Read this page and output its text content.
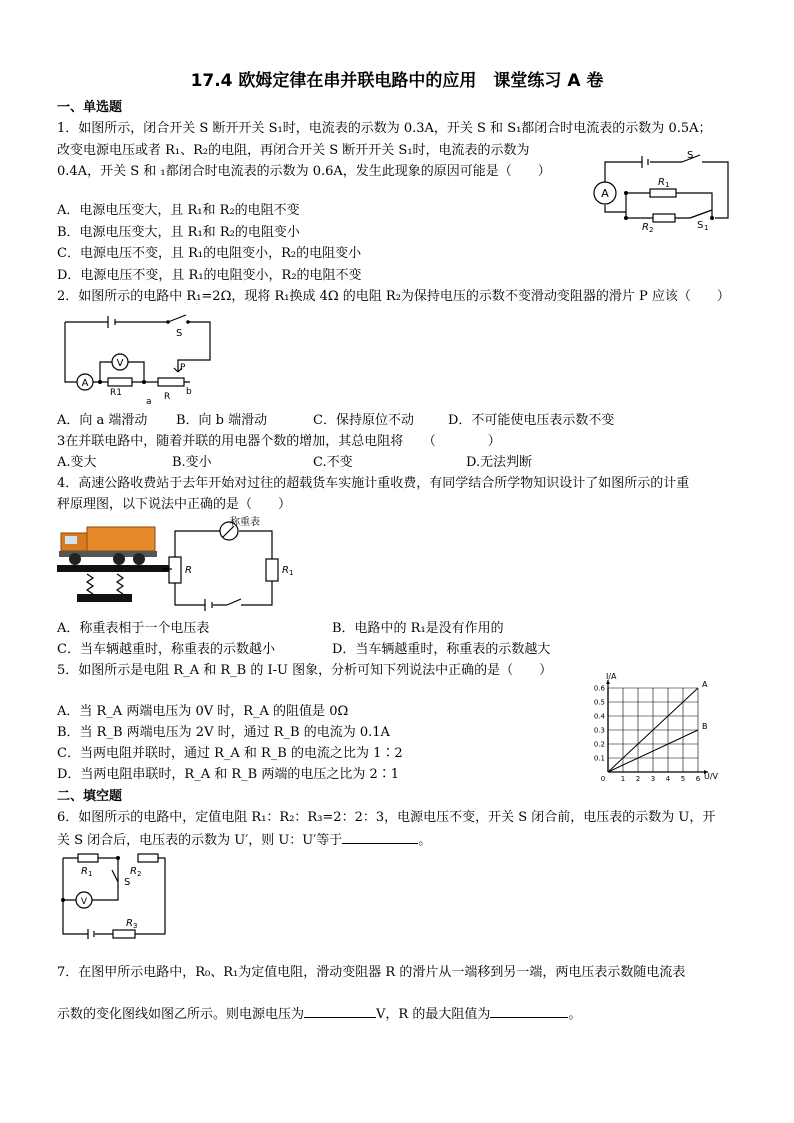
17.4 欧姆定律在串并联电路中的应用　课堂练习 A 卷
一、单选题
1．如图所示，闭合开关 S 断开开关 S₁时，电流表的示数为 0.3A，开关 S 和 S₁都闭合时电流表的示数为 0.5A；
改变电源电压或者 R₁、R₂的电阻，再闭合开关 S 断开开关 S₁时，电流表的示数为
0.4A，开关 S 和 ₁都闭合时电流表的示数为 0.6A，发生此现象的原因可能是（　　）
A．电源电压变大，且 R₁和 R₂的电阻不变
B．电源电压变大，且 R₁和 R₂的电阻变小
C．电源电压不变，且 R₁的电阻变小，R₂的电阻变小
D．电源电压不变，且 R₁的电阻变小，R₂的电阻不变
A
S
R 1
R 2	S 1
2．如图所示的电路中 R₁=2Ω，现将 R₁换成 4Ω 的电阻 R₂为保持电压的示数不变滑动变阻器的滑片 P 应该（　　）
A
V
R1
a R b
P
S
A．向 a 端滑动 B．向 b 端滑动	C．保持原位不动	D．不可能使电压表示数不变
3在并联电路中，随着并联的用电器个数的增加，其总电阻将　　（　　　　）
A.变大	B.变小	C.不变	D.无法判断
4．高速公路收费站于去年开始对过往的超载货车实施计重收费，有同学结合所学物知识设计了如图所示的计重
秤原理图，以下说法中正确的是（　　）
称重表
R	R 1
A．称重表相于一个电压表	B．电路中的 R₁是没有作用的
C．当车辆越重时，称重表的示数越小	D．当车辆越重时，称重表的示数越大
5．如图所示是电阻 R_A 和 R_B 的 I-U 图象，分析可知下列说法中正确的是（　　）
A．当 R_A 两端电压为 0V 时，R_A 的阻值是 0Ω
B．当 R_B 两端电压为 2V 时，通过 R_B 的电流为 0.1A
C．当两电阻并联时，通过 R_A 和 R_B 的电流之比为 1∶2
D．当两电阻串联时，R_A 和 R_B 两端的电压之比为 2∶1	0 1 2 3 4 5 6
0.1
0.2
0.3
0.4
0.5
0.6	A
B
I/A
U/V
二、填空题
6．如图所示的电路中，定值电阻 R₁：R₂：R₃=2：2：3，电源电压不变，开关 S 闭合前，电压表的示数为 U，开
关 S 闭合后，电压表的示数为 U′，则 U：U′等于	。
V
R 1	R 2
S
R 3
7．在图甲所示电路中，R₀、R₁为定值电阻，滑动变阻器 R 的滑片从一端移到另一端，两电压表示数随电流表
示数的变化图线如图乙所示。则电源电压为	V，R 的最大阻值为	。
